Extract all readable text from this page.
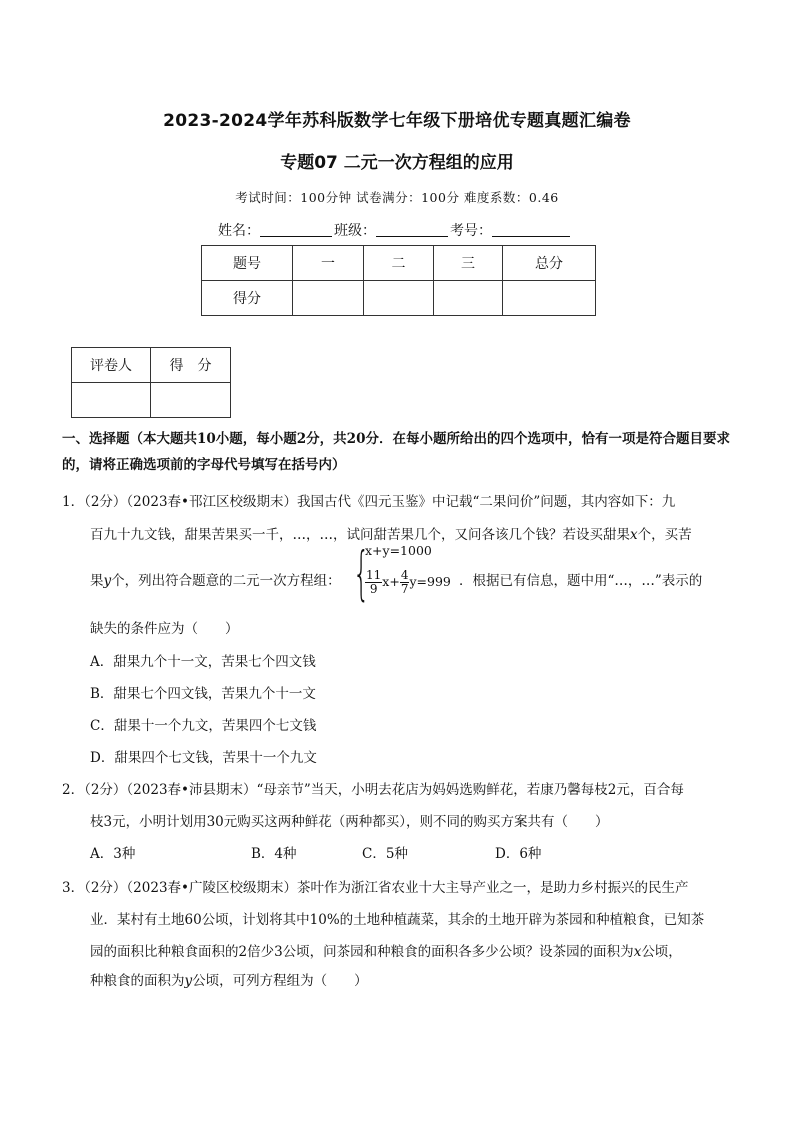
2023-2024学年苏科版数学七年级下册培优专题真题汇编卷
专题07 二元一次方程组的应用
考试时间：100分钟 试卷满分：100分 难度系数：0.46
姓名：	班级：	考号：
题号	一	二	三	总分
得分				
评卷人	得　分

一、选择题（本大题共10小题，每小题2分，共20分．在每小题所给出的四个选项中，恰有一项是符合题目要求的，请将正确选项前的字母代号填写在括号内）
1．（2分）（2023春•邗江区校级期末）我国古代《四元玉鉴》中记载“二果问价”问题，其内容如下：九
百九十九文钱，甜果苦果买一千，…，…，试问甜苦果几个，又问各该几个钱？若设买甜果x个，买苦
果y个，列出符合题意的二元一次方程组： {
x+y=1000
$\frac{11}{9} x+ \frac{4}{7} y=999$ ．根据已有信息，题中用“…，…”表示的
缺失的条件应为（　　）
A．甜果九个十一文，苦果七个四文钱
B．甜果七个四文钱，苦果九个十一文
C．甜果十一个九文，苦果四个七文钱
D．甜果四个七文钱，苦果十一个九文
2．（2分）（2023春•沛县期末）“母亲节”当天，小明去花店为妈妈选购鲜花，若康乃馨每枝2元，百合每
枝3元，小明计划用30元购买这两种鲜花（两种都买），则不同的购买方案共有（　　）
A．3种	B．4种	C．5种	D．6种
3．（2分）（2023春•广陵区校级期末）茶叶作为浙江省农业十大主导产业之一，是助力乡村振兴的民生产
业．某村有土地60公顷，计划将其中10%的土地种植蔬菜，其余的土地开辟为茶园和种植粮食，已知茶
园的面积比种粮食面积的2倍少3公顷，问茶园和种粮食的面积各多少公顷？设茶园的面积为x公顷，
种粮食的面积为y公顷，可列方程组为（　　）
